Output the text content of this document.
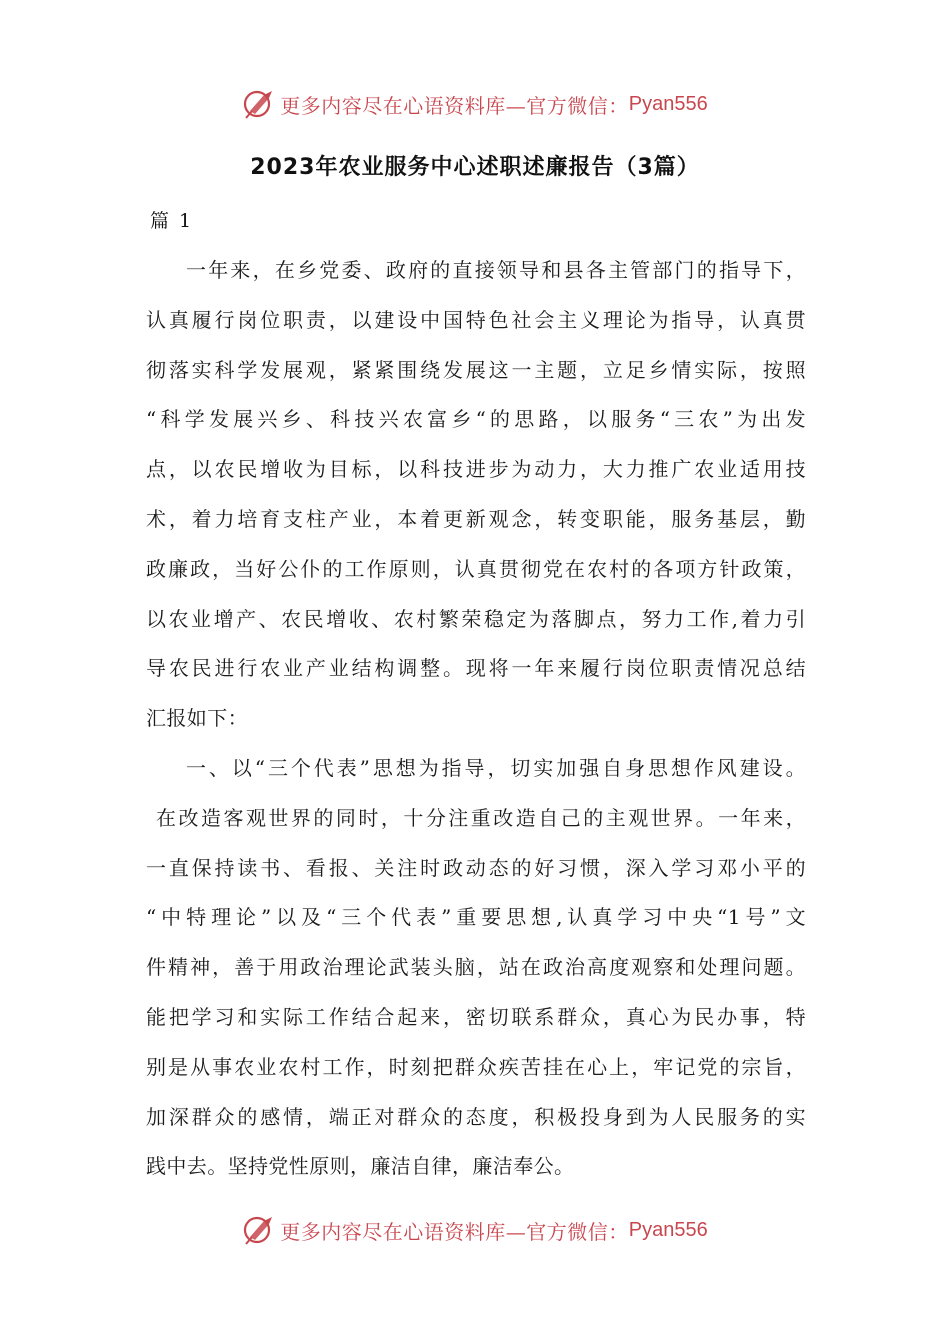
更多内容尽在心语资料库—官方微信： Pyan556
2023年农业服务中心述职述廉报告（3篇）
篇 1
一年来，在乡党委、政府的直接领导和县各主管部门的指导下，
认真履行岗位职责，以建设中国特色社会主义理论为指导，认真贯
彻落实科学发展观，紧紧围绕发展这一主题，立足乡情实际，按照
“科学发展兴乡、科技兴农富乡“的思路，以服务“三农”为出发
点，以农民增收为目标，以科技进步为动力，大力推广农业适用技
术，着力培育支柱产业，本着更新观念，转变职能，服务基层，勤
政廉政，当好公仆的工作原则，认真贯彻党在农村的各项方针政策，
以农业增产、农民增收、农村繁荣稳定为落脚点，努力工作,着力引
导农民进行农业产业结构调整。现将一年来履行岗位职责情况总结
汇报如下：
一、以“三个代表”思想为指导，切实加强自身思想作风建设。
在改造客观世界的同时，十分注重改造自己的主观世界。一年来，
一直保持读书、看报、关注时政动态的好习惯，深入学习邓小平的
“中特理论”以及“三个代表”重要思想,认真学习中央“1号”文
件精神，善于用政治理论武装头脑，站在政治高度观察和处理问题。
能把学习和实际工作结合起来，密切联系群众，真心为民办事，特
别是从事农业农村工作，时刻把群众疾苦挂在心上，牢记党的宗旨，
加深群众的感情，端正对群众的态度，积极投身到为人民服务的实
践中去。坚持党性原则，廉洁自律，廉洁奉公。
更多内容尽在心语资料库—官方微信： Pyan556
